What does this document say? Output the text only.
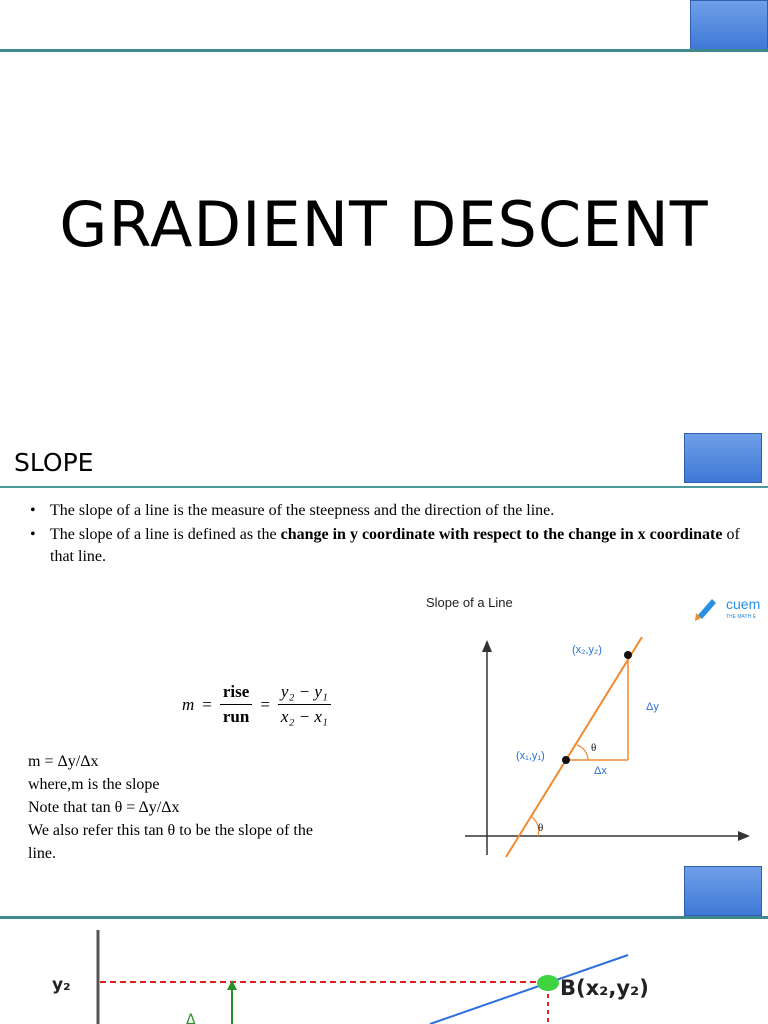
GRADIENT DESCENT
SLOPE
• The slope of a line is the measure of the steepness and the direction of the line.
• The slope of a line is defined as the change in y coordinate with respect to the change in x coordinate of that line.
$m = \frac{\text{rise}}{\text{run}} = \frac{\text{y₂ − y₁}}{\text{x₂ − x₁}}$
m = Δy/Δx
where,m is the slope
Note that tan θ = Δy/Δx
We also refer this tan θ to be the slope of the
line.
Slope of a Line	cuem
THE MATH E
(x₂,y₂)
(x₁,y₁)
Δy
Δx
θ
θ
y₂	B(x₂,y₂)
Δ
